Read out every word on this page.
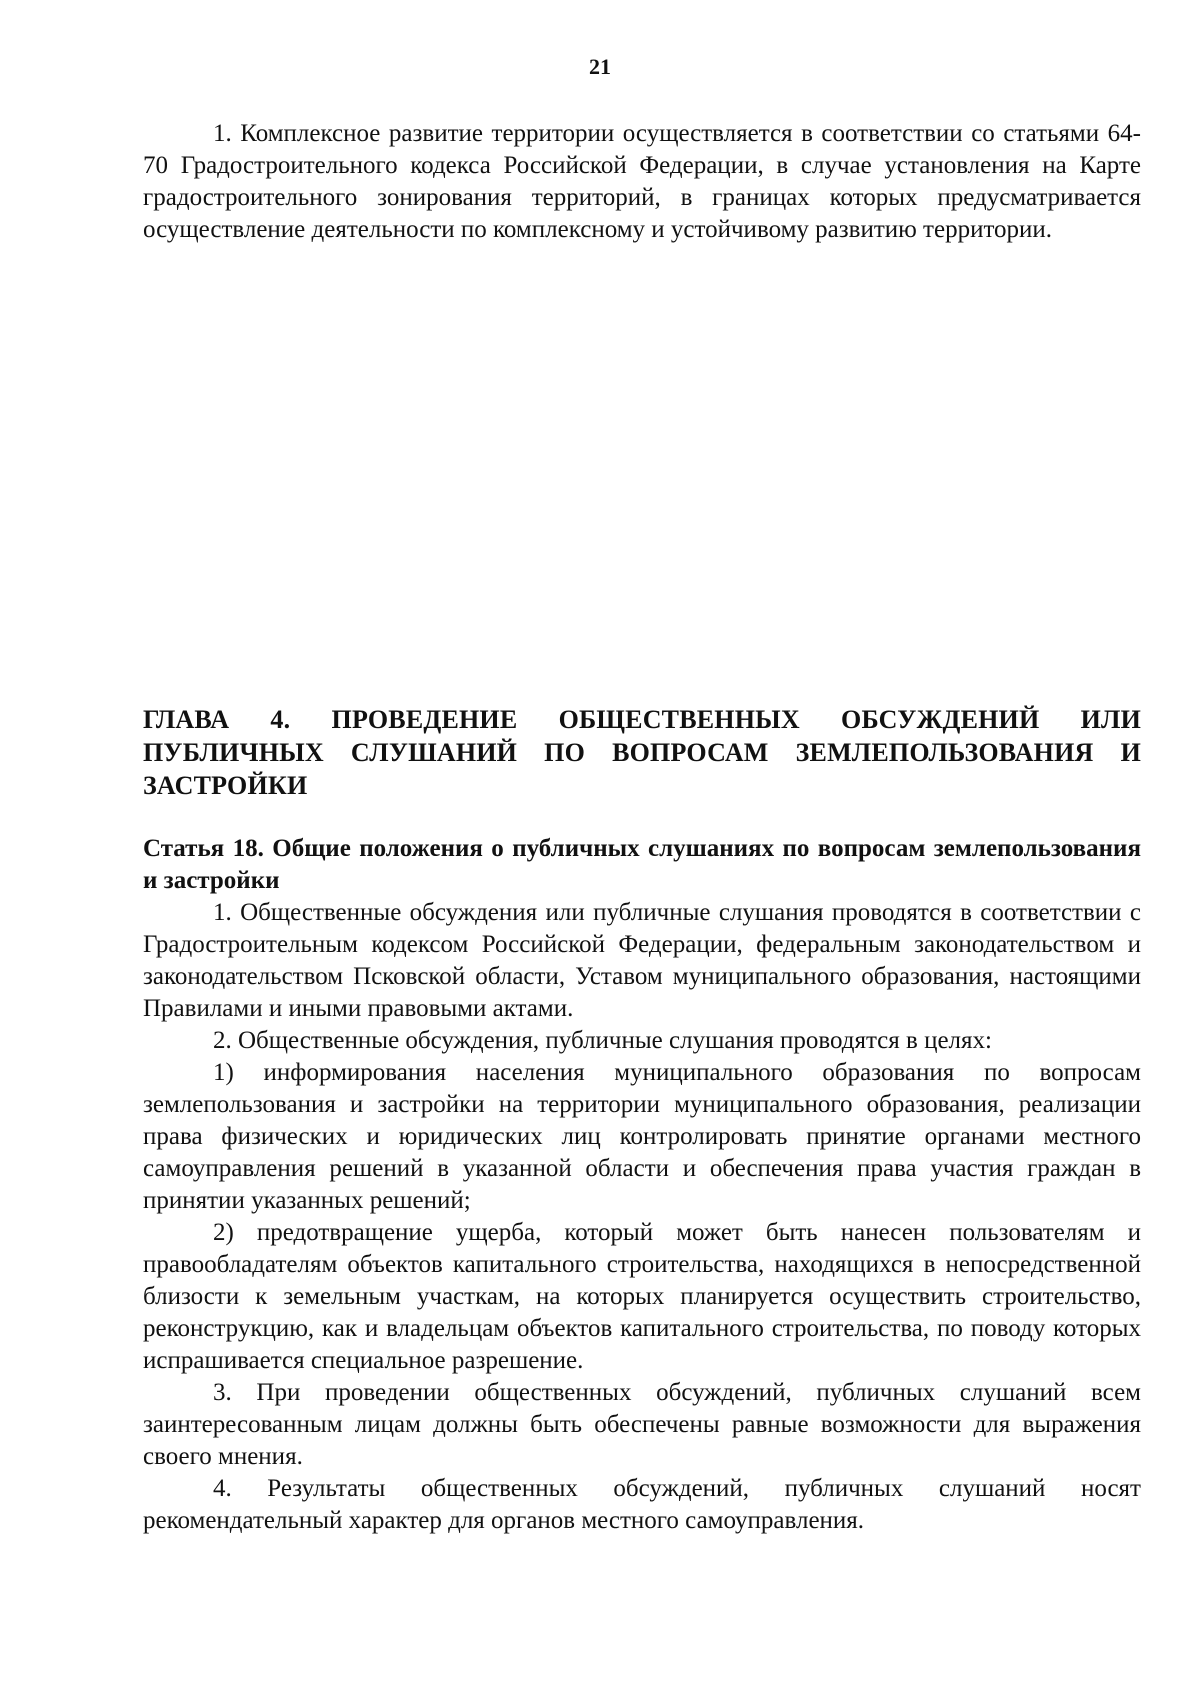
21

1. Комплексное развитие территории осуществляется в соответствии со статьями 64-70 Градостроительного кодекса Российской Федерации, в случае установления на Карте градостроительного зонирования территорий, в границах которых предусматривается осуществление деятельности по комплексному и устойчивому развитию территории.

ГЛАВА 4. ПРОВЕДЕНИЕ ОБЩЕСТВЕННЫХ ОБСУЖДЕНИЙ ИЛИ ПУБЛИЧНЫХ СЛУШАНИЙ ПО ВОПРОСАМ ЗЕМЛЕПОЛЬЗОВАНИЯ И ЗАСТРОЙКИ

Статья 18. Общие положения о публичных слушаниях по вопросам землепользования и застройки

1. Общественные обсуждения или публичные слушания проводятся в соответствии с Градостроительным кодексом Российской Федерации, федеральным законодательством и законодательством Псковской области, Уставом муниципального образования, настоящими Правилами и иными правовыми актами.

2. Общественные обсуждения, публичные слушания проводятся в целях:

1) информирования населения муниципального образования по вопросам землепользования и застройки на территории муниципального образования, реализации права физических и юридических лиц контролировать принятие органами местного самоуправления решений в указанной области и обеспечения права участия граждан в принятии указанных решений;

2) предотвращение ущерба, который может быть нанесен пользователям и правообладателям объектов капитального строительства, находящихся в непосредственной близости к земельным участкам, на которых планируется осуществить строительство, реконструкцию, как и владельцам объектов капитального строительства, по поводу которых испрашивается специальное разрешение.

3. При проведении общественных обсуждений, публичных слушаний всем заинтересованным лицам должны быть обеспечены равные возможности для выражения своего мнения.

4. Результаты общественных обсуждений, публичных слушаний носят рекомендательный характер для органов местного самоуправления.
